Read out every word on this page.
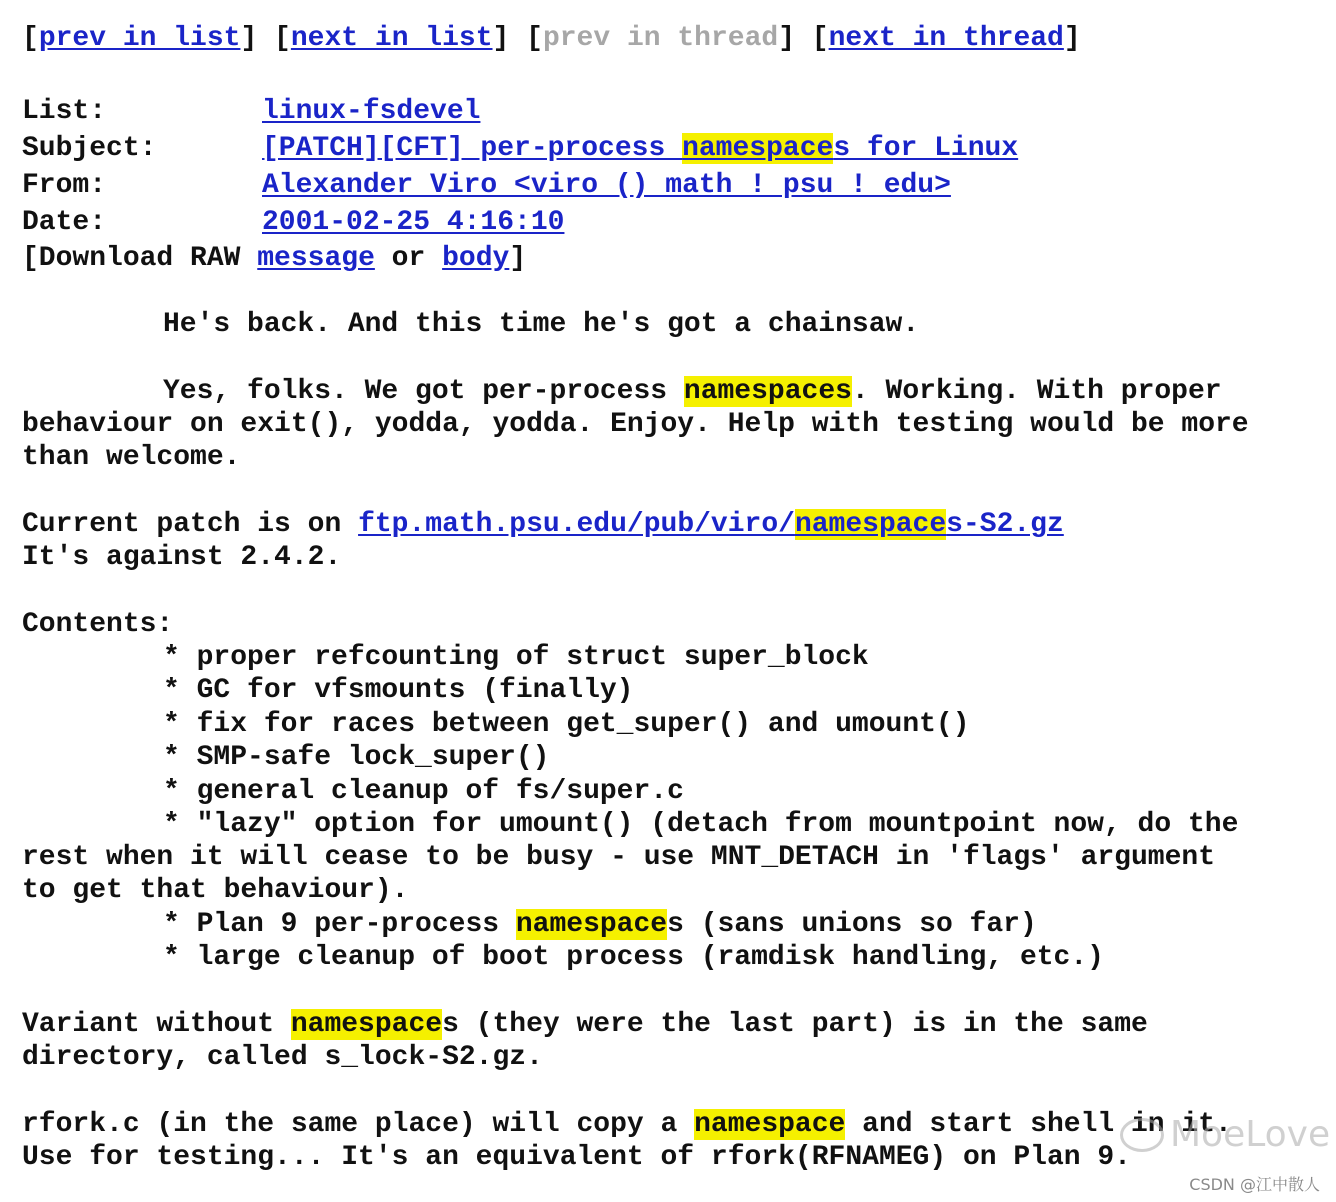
[prev in list] [next in list] [prev in thread] [next in thread]
List:	linux-fsdevel
Subject:	[PATCH][CFT] per-process namespaces for Linux
From:	Alexander Viro <viro () math ! psu ! edu>
Date:	2001-02-25 4:16:10
[Download RAW message or body]
He's back. And this time he's got a chainsaw.
Yes, folks. We got per-process namespaces. Working. With proper
behaviour on exit(), yodda, yodda. Enjoy. Help with testing would be more
than welcome.
Current patch is on ftp.math.psu.edu/pub/viro/namespaces-S2.gz
It's against 2.4.2.
Contents:
* proper refcounting of struct super_block
* GC for vfsmounts (finally)
* fix for races between get_super() and umount()
* SMP-safe lock_super()
* general cleanup of fs/super.c
* "lazy" option for umount() (detach from mountpoint now, do the
rest when it will cease to be busy - use MNT_DETACH in 'flags' argument
to get that behaviour).
* Plan 9 per-process namespaces (sans unions so far)
* large cleanup of boot process (ramdisk handling, etc.)
Variant without namespaces (they were the last part) is in the same
directory, called s_lock-S2.gz.
rfork.c (in the same place) will copy a namespace and start shell in it.
Use for testing... It's an equivalent of rfork(RFNAMEG) on Plan 9.
MoeLove
CSDN @江中散人
